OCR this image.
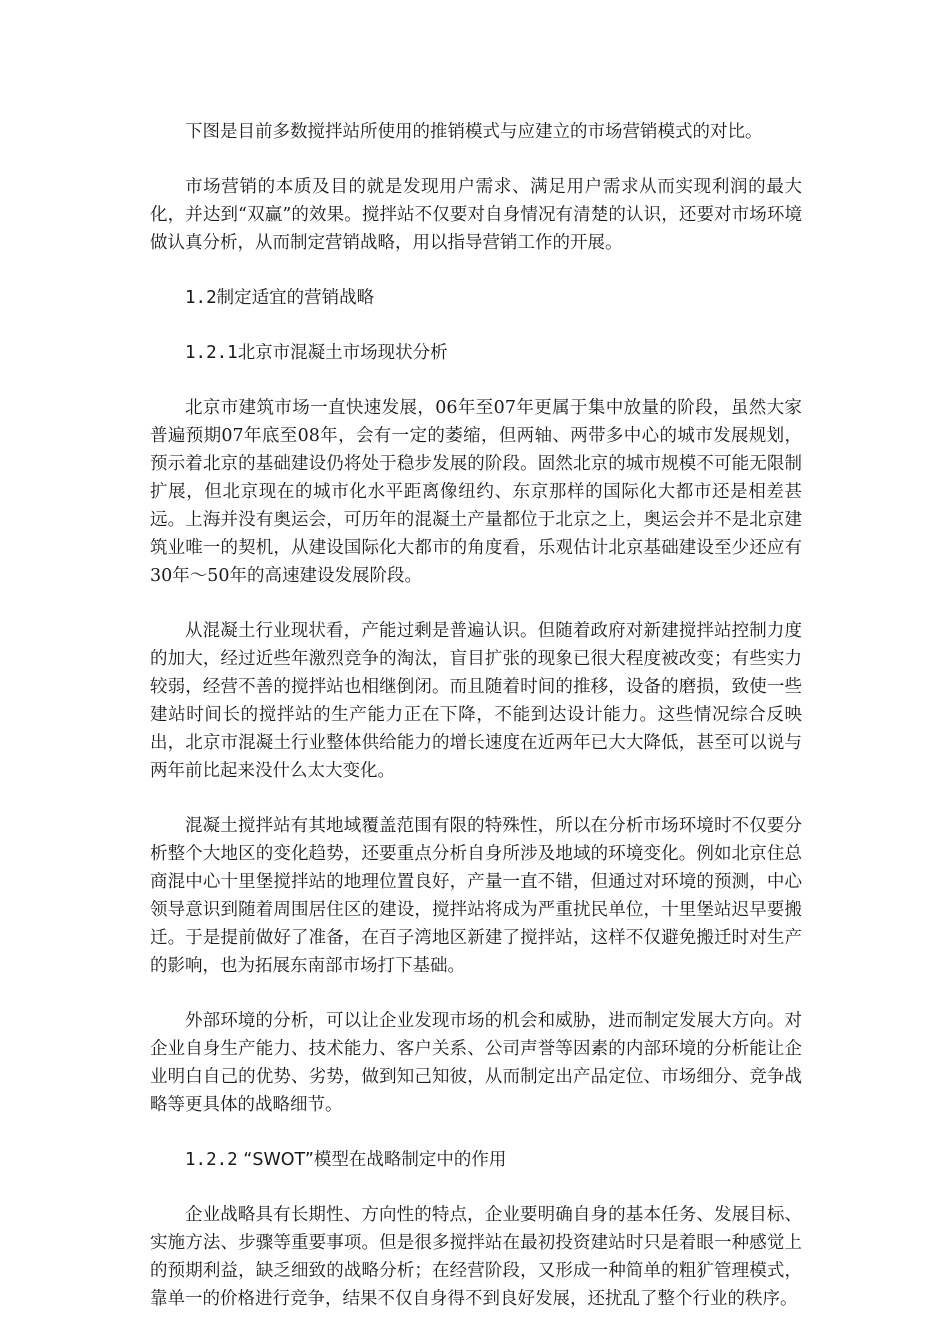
下图是目前多数搅拌站所使用的推销模式与应建立的市场营销模式的对比。

市场营销的本质及目的就是发现用户需求、满足用户需求从而实现利润的最大化，并达到“双赢”的效果。搅拌站不仅要对自身情况有清楚的认识，还要对市场环境做认真分析，从而制定营销战略，用以指导营销工作的开展。

1.2制定适宜的营销战略
1.2.1北京市混凝土市场现状分析

北京市建筑市场一直快速发展，06年至07年更属于集中放量的阶段，虽然大家普遍预期07年底至08年，会有一定的萎缩，但两轴、两带多中心的城市发展规划，预示着北京的基础建设仍将处于稳步发展的阶段。固然北京的城市规模不可能无限制扩展，但北京现在的城市化水平距离像纽约、东京那样的国际化大都市还是相差甚远。上海并没有奥运会，可历年的混凝土产量都位于北京之上，奥运会并不是北京建筑业唯一的契机，从建设国际化大都市的角度看，乐观估计北京基础建设至少还应有30年～50年的高速建设发展阶段。

从混凝土行业现状看，产能过剩是普遍认识。但随着政府对新建搅拌站控制力度的加大，经过近些年激烈竞争的淘汰，盲目扩张的现象已很大程度被改变；有些实力较弱，经营不善的搅拌站也相继倒闭。而且随着时间的推移，设备的磨损，致使一些建站时间长的搅拌站的生产能力正在下降，不能到达设计能力。这些情况综合反映出，北京市混凝土行业整体供给能力的增长速度在近两年已大大降低，甚至可以说与两年前比起来没什么太大变化。

混凝土搅拌站有其地域覆盖范围有限的特殊性，所以在分析市场环境时不仅要分析整个大地区的变化趋势，还要重点分析自身所涉及地域的环境变化。例如北京住总商混中心十里堡搅拌站的地理位置良好，产量一直不错，但通过对环境的预测，中心领导意识到随着周围居住区的建设，搅拌站将成为严重扰民单位，十里堡站迟早要搬迁。于是提前做好了准备，在百子湾地区新建了搅拌站，这样不仅避免搬迁时对生产的影响，也为拓展东南部市场打下基础。

外部环境的分析，可以让企业发现市场的机会和威胁，进而制定发展大方向。对企业自身生产能力、技术能力、客户关系、公司声誉等因素的内部环境的分析能让企业明白自己的优势、劣势，做到知己知彼，从而制定出产品定位、市场细分、竞争战略等更具体的战略细节。

1.2.2 “SWOT”模型在战略制定中的作用

企业战略具有长期性、方向性的特点，企业要明确自身的基本任务、发展目标、实施方法、步骤等重要事项。但是很多搅拌站在最初投资建站时只是着眼一种感觉上的预期利益，缺乏细致的战略分析；在经营阶段，又形成一种简单的粗犷管理模式，靠单一的价格进行竞争，结果不仅自身得不到良好发展，还扰乱了整个行业的秩序。
